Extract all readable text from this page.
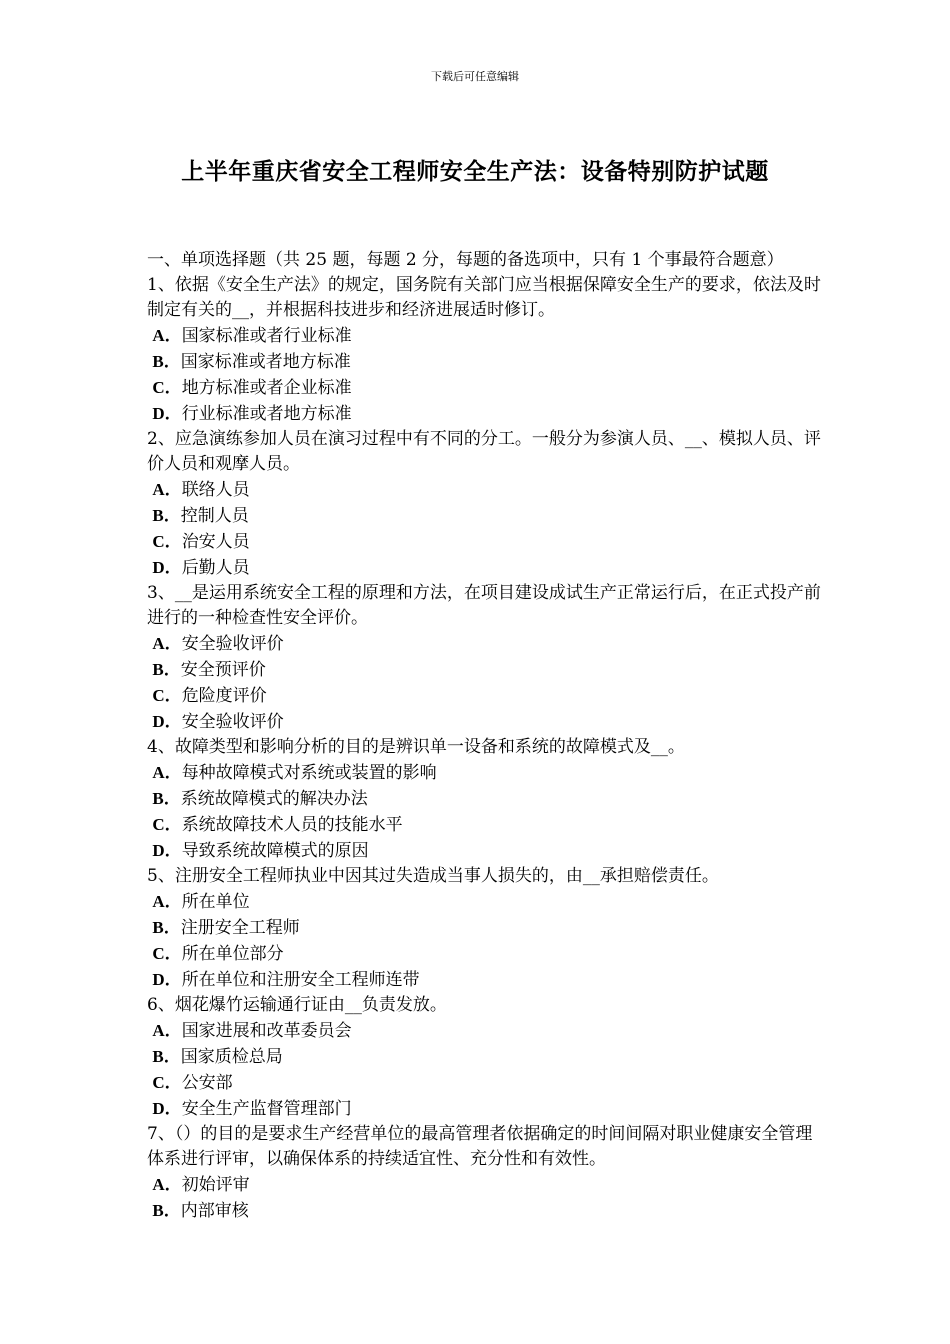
下载后可任意编辑
上半年重庆省安全工程师安全生产法：设备特别防护试题

一、单项选择题（共 25 题，每题 2 分，每题的备选项中，只有 1 个事最符合题意）

1、依据《安全生产法》的规定，国务院有关部门应当根据保障安全生产的要求，依法及时制定有关的__，并根据科技进步和经济进展适时修订。

A．国家标准或者行业标准

B．国家标准或者地方标准

C．地方标准或者企业标准

D．行业标准或者地方标准

2、应急演练参加人员在演习过程中有不同的分工。一般分为参演人员、__、模拟人员、评价人员和观摩人员。

A．联络人员

B．控制人员

C．治安人员

D．后勤人员

3、__是运用系统安全工程的原理和方法，在项目建设成试生产正常运行后，在正式投产前进行的一种检查性安全评价。

A．安全验收评价

B．安全预评价

C．危险度评价

D．安全验收评价

4、故障类型和影响分析的目的是辨识单一设备和系统的故障模式及__。

A．每种故障模式对系统或装置的影响

B．系统故障模式的解决办法

C．系统故障技术人员的技能水平

D．导致系统故障模式的原因

5、注册安全工程师执业中因其过失造成当事人损失的，由__承担赔偿责任。

A．所在单位

B．注册安全工程师

C．所在单位部分

D．所在单位和注册安全工程师连带

6、烟花爆竹运输通行证由__负责发放。

A．国家进展和改革委员会

B．国家质检总局

C．公安部

D．安全生产监督管理部门

7、（）的目的是要求生产经营单位的最高管理者依据确定的时间间隔对职业健康安全管理体系进行评审，以确保体系的持续适宜性、充分性和有效性。

A．初始评审

B．内部审核
